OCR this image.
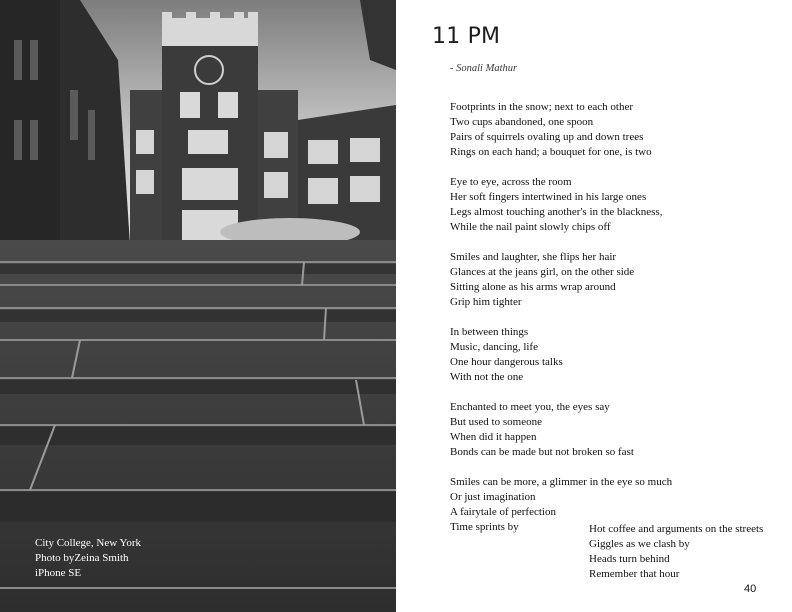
City College, New York
Photo byZeina Smith
iPhone SE
11 PM
- Sonali Mathur
Footprints in the snow; next to each other
Two cups abandoned, one spoon
Pairs of squirrels ovaling up and down trees
Rings on each hand; a bouquet for one, is two
Eye to eye, across the room
Her soft fingers intertwined in his large ones
Legs almost touching another's in the blackness,
While the nail paint slowly chips off
Smiles and laughter, she flips her hair
Glances at the jeans girl, on the other side
Sitting alone as his arms wrap around
Grip him tighter
In between things
Music, dancing, life
One hour dangerous talks
With not the one
Enchanted to meet you, the eyes say
But used to someone
When did it happen
Bonds can be made but not broken so fast
Smiles can be more, a glimmer in the eye so much
Or just imagination
A fairytale of perfection
Time sprints by	Hot coffee and arguments on the streets
Giggles as we clash by
Heads turn behind
Remember that hour
40
